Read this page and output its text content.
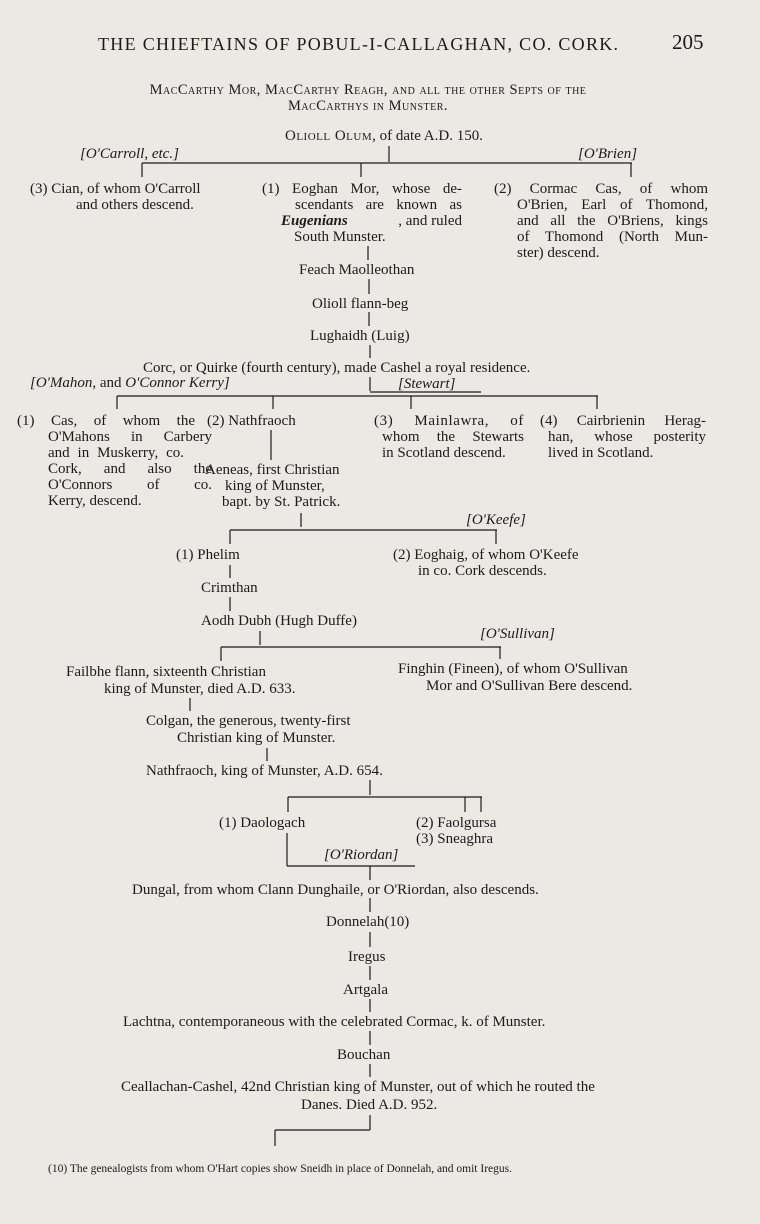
THE CHIEFTAINS OF POBUL-I-CALLAGHAN, CO. CORK.	205
MacCarthy Mor, MacCarthy Reagh, and all the other Septs of the
MacCarthys in Munster.
Olioll Olum, of date A.D. 150.
[O'Carroll, etc.]	[O'Brien]
(3) Cian, of whom O'Carroll
and others descend.
(1) Eoghan Mor, whose de-
scendants are known as
Eugenians	, and ruled
South Munster.
(2) Cormac Cas, of whom
O'Brien, Earl of Thomond,
and all the O'Briens, kings
of Thomond (North Mun-
ster) descend.
Feach Maolleothan
Olioll flann-beg
Lughaidh (Luig)
Corc, or Quirke (fourth century), made Cashel a royal residence.
[O'Mahon, and O'Connor Kerry]	[Stewart]
(1) Cas, of whom the
O'Mahons in Carbery
and in Muskerry, co.
Cork, and also the
O'Connors of co.
Kerry, descend.
(2) Nathfraoch
Aeneas, first Christian
king of Munster,
bapt. by St. Patrick.
(3) Mainlawra, of
whom the Stewarts
in Scotland descend.
(4) Cairbrienin Herag-
han, whose posterity
lived in Scotland.
[O'Keefe]
(1) Phelim	(2) Eoghaig, of whom O'Keefe
in co. Cork descends.
Crimthan
Aodh Dubh (Hugh Duffe)
[O'Sullivan]
Failbhe flann, sixteenth Christian
king of Munster, died A.D. 633.
Finghin (Fineen), of whom O'Sullivan
Mor and O'Sullivan Bere descend.
Colgan, the generous, twenty-first
Christian king of Munster.
Nathfraoch, king of Munster, A.D. 654.
(1) Daologach	(2) Faolgursa
(3) Sneaghra
[O'Riordan]
Dungal, from whom Clann Dunghaile, or O'Riordan, also descends.
Donnelah(10)
Iregus
Artgala
Lachtna, contemporaneous with the celebrated Cormac, k. of Munster.
Bouchan
Ceallachan-Cashel, 42nd Christian king of Munster, out of which he routed the
Danes. Died A.D. 952.
(10) The genealogists from whom O'Hart copies show Sneidh in place of Donnelah, and omit Iregus.
